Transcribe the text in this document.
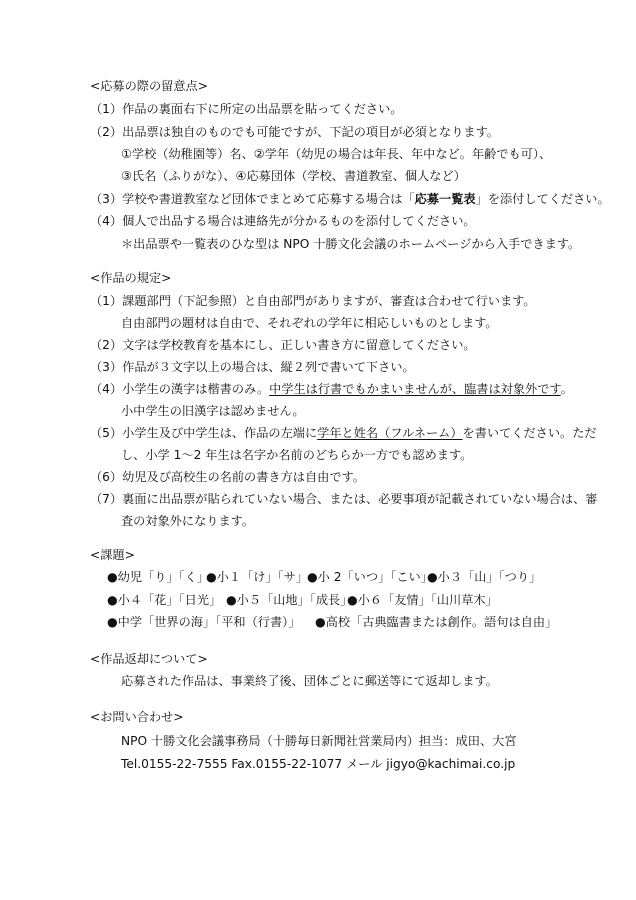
<応募の際の留意点>
（1）作品の裏面右下に所定の出品票を貼ってください。
（2）出品票は独自のものでも可能ですが、下記の項目が必須となります。
①学校（幼稚園等）名、②学年（幼児の場合は年長、年中など。年齢でも可）、
③氏名（ふりがな）、④応募団体（学校、書道教室、個人など）
（3）学校や書道教室など団体でまとめて応募する場合は「応募一覧表」を添付してください。
（4）個人で出品する場合は連絡先が分かるものを添付してください。
＊出品票や一覧表のひな型は NPO 十勝文化会議のホームページから入手できます。
<作品の規定>
（1）課題部門（下記参照）と自由部門がありますが、審査は合わせて行います。
自由部門の題材は自由で、それぞれの学年に相応しいものとします。
（2）文字は学校教育を基本にし、正しい書き方に留意してください。
（3）作品が３文字以上の場合は、縦２列で書いて下さい。
（4）小学生の漢字は楷書のみ。中学生は行書でもかまいませんが、臨書は対象外です。
小中学生の旧漢字は認めません。
（5）小学生及び中学生は、作品の左端に学年と姓名（フルネーム）を書いてください。ただ
し、小学 1～2 年生は名字か名前のどちらか一方でも認めます。
（6）幼児及び高校生の名前の書き方は自由です。
（7）裏面に出品票が貼られていない場合、または、必要事項が記載されていない場合は、審
査の対象外になります。
<課題>
●幼児「り」「く」
●小１「け」「サ」
●小 2「いつ」「こい」
●小３「山」「つり」
●小４「花」「日光」 ●小５「山地」「成長」
●小６「友情」「山川草木」
●中学「世界の海」「平和（行書）」 ●高校「古典臨書または創作。語句は自由」
<作品返却について>
応募された作品は、事業終了後、団体ごとに郵送等にて返却します。
<お問い合わせ>
NPO 十勝文化会議事務局（十勝毎日新聞社営業局内）担当：成田、大宮
Tel.0155-22-7555 Fax.0155-22-1077 メール jigyo@kachimai.co.jp
